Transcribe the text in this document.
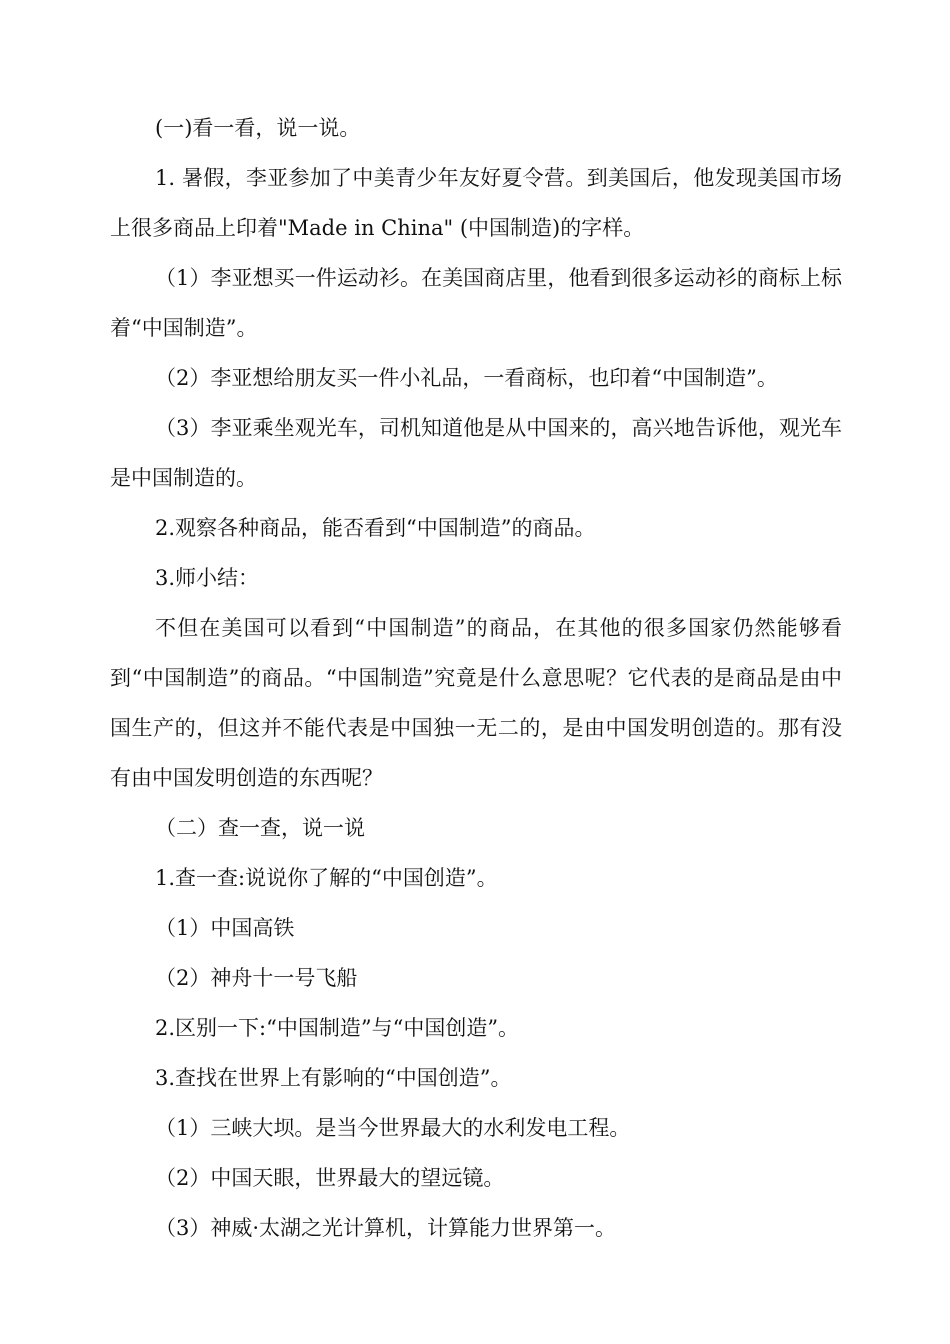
(一)看一看，说一说。

1. 暑假，李亚参加了中美青少年友好夏令营。到美国后，他发现美国市场上很多商品上印着"Made in China" (中国制造)的字样。

（1）李亚想买一件运动衫。在美国商店里，他看到很多运动衫的商标上标着“中国制造”。

（2）李亚想给朋友买一件小礼品，一看商标，也印着“中国制造”。

（3）李亚乘坐观光车，司机知道他是从中国来的，高兴地告诉他，观光车是中国制造的。

2.观察各种商品，能否看到“中国制造”的商品。

3.师小结：

不但在美国可以看到“中国制造”的商品，在其他的很多国家仍然能够看到“中国制造”的商品。“中国制造”究竟是什么意思呢？它代表的是商品是由中国生产的，但这并不能代表是中国独一无二的，是由中国发明创造的。那有没有由中国发明创造的东西呢？

（二）查一查，说一说

1.查一查:说说你了解的“中国创造”。

（1）中国高铁

（2）神舟十一号飞船

2.区别一下:“中国制造”与“中国创造”。

3.查找在世界上有影响的“中国创造”。

（1）三峡大坝。是当今世界最大的水利发电工程。

（2）中国天眼，世界最大的望远镜。

（3）神威·太湖之光计算机，计算能力世界第一。
